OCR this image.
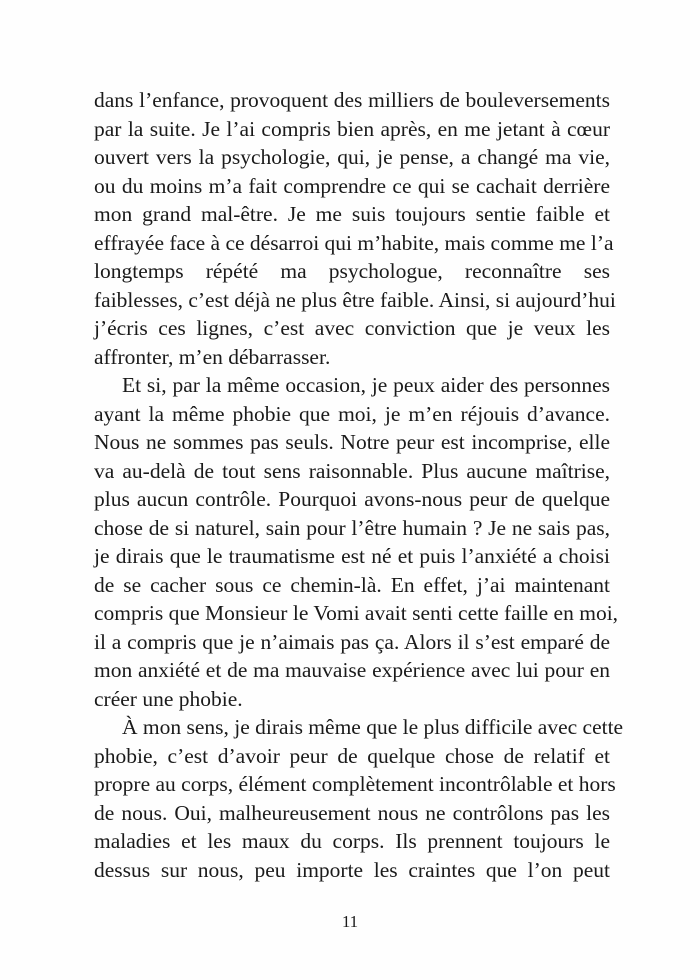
dans l’enfance, provoquent des milliers de bouleversements
par la suite. Je l’ai compris bien après, en me jetant à cœur
ouvert vers la psychologie, qui, je pense, a changé ma vie,
ou du moins m’a fait comprendre ce qui se cachait derrière
mon grand mal-être. Je me suis toujours sentie faible et
effrayée face à ce désarroi qui m’habite, mais comme me l’a
longtemps répété ma psychologue, reconnaître ses
faiblesses, c’est déjà ne plus être faible. Ainsi, si aujourd’hui
j’écris ces lignes, c’est avec conviction que je veux les
affronter, m’en débarrasser.
Et si, par la même occasion, je peux aider des personnes
ayant la même phobie que moi, je m’en réjouis d’avance.
Nous ne sommes pas seuls. Notre peur est incomprise, elle
va au-delà de tout sens raisonnable. Plus aucune maîtrise,
plus aucun contrôle. Pourquoi avons-nous peur de quelque
chose de si naturel, sain pour l’être humain ? Je ne sais pas,
je dirais que le traumatisme est né et puis l’anxiété a choisi
de se cacher sous ce chemin-là. En effet, j’ai maintenant
compris que Monsieur le Vomi avait senti cette faille en moi,
il a compris que je n’aimais pas ça. Alors il s’est emparé de
mon anxiété et de ma mauvaise expérience avec lui pour en
créer une phobie.
À mon sens, je dirais même que le plus difficile avec cette
phobie, c’est d’avoir peur de quelque chose de relatif et
propre au corps, élément complètement incontrôlable et hors
de nous. Oui, malheureusement nous ne contrôlons pas les
maladies et les maux du corps. Ils prennent toujours le
dessus sur nous, peu importe les craintes que l’on peut
11
